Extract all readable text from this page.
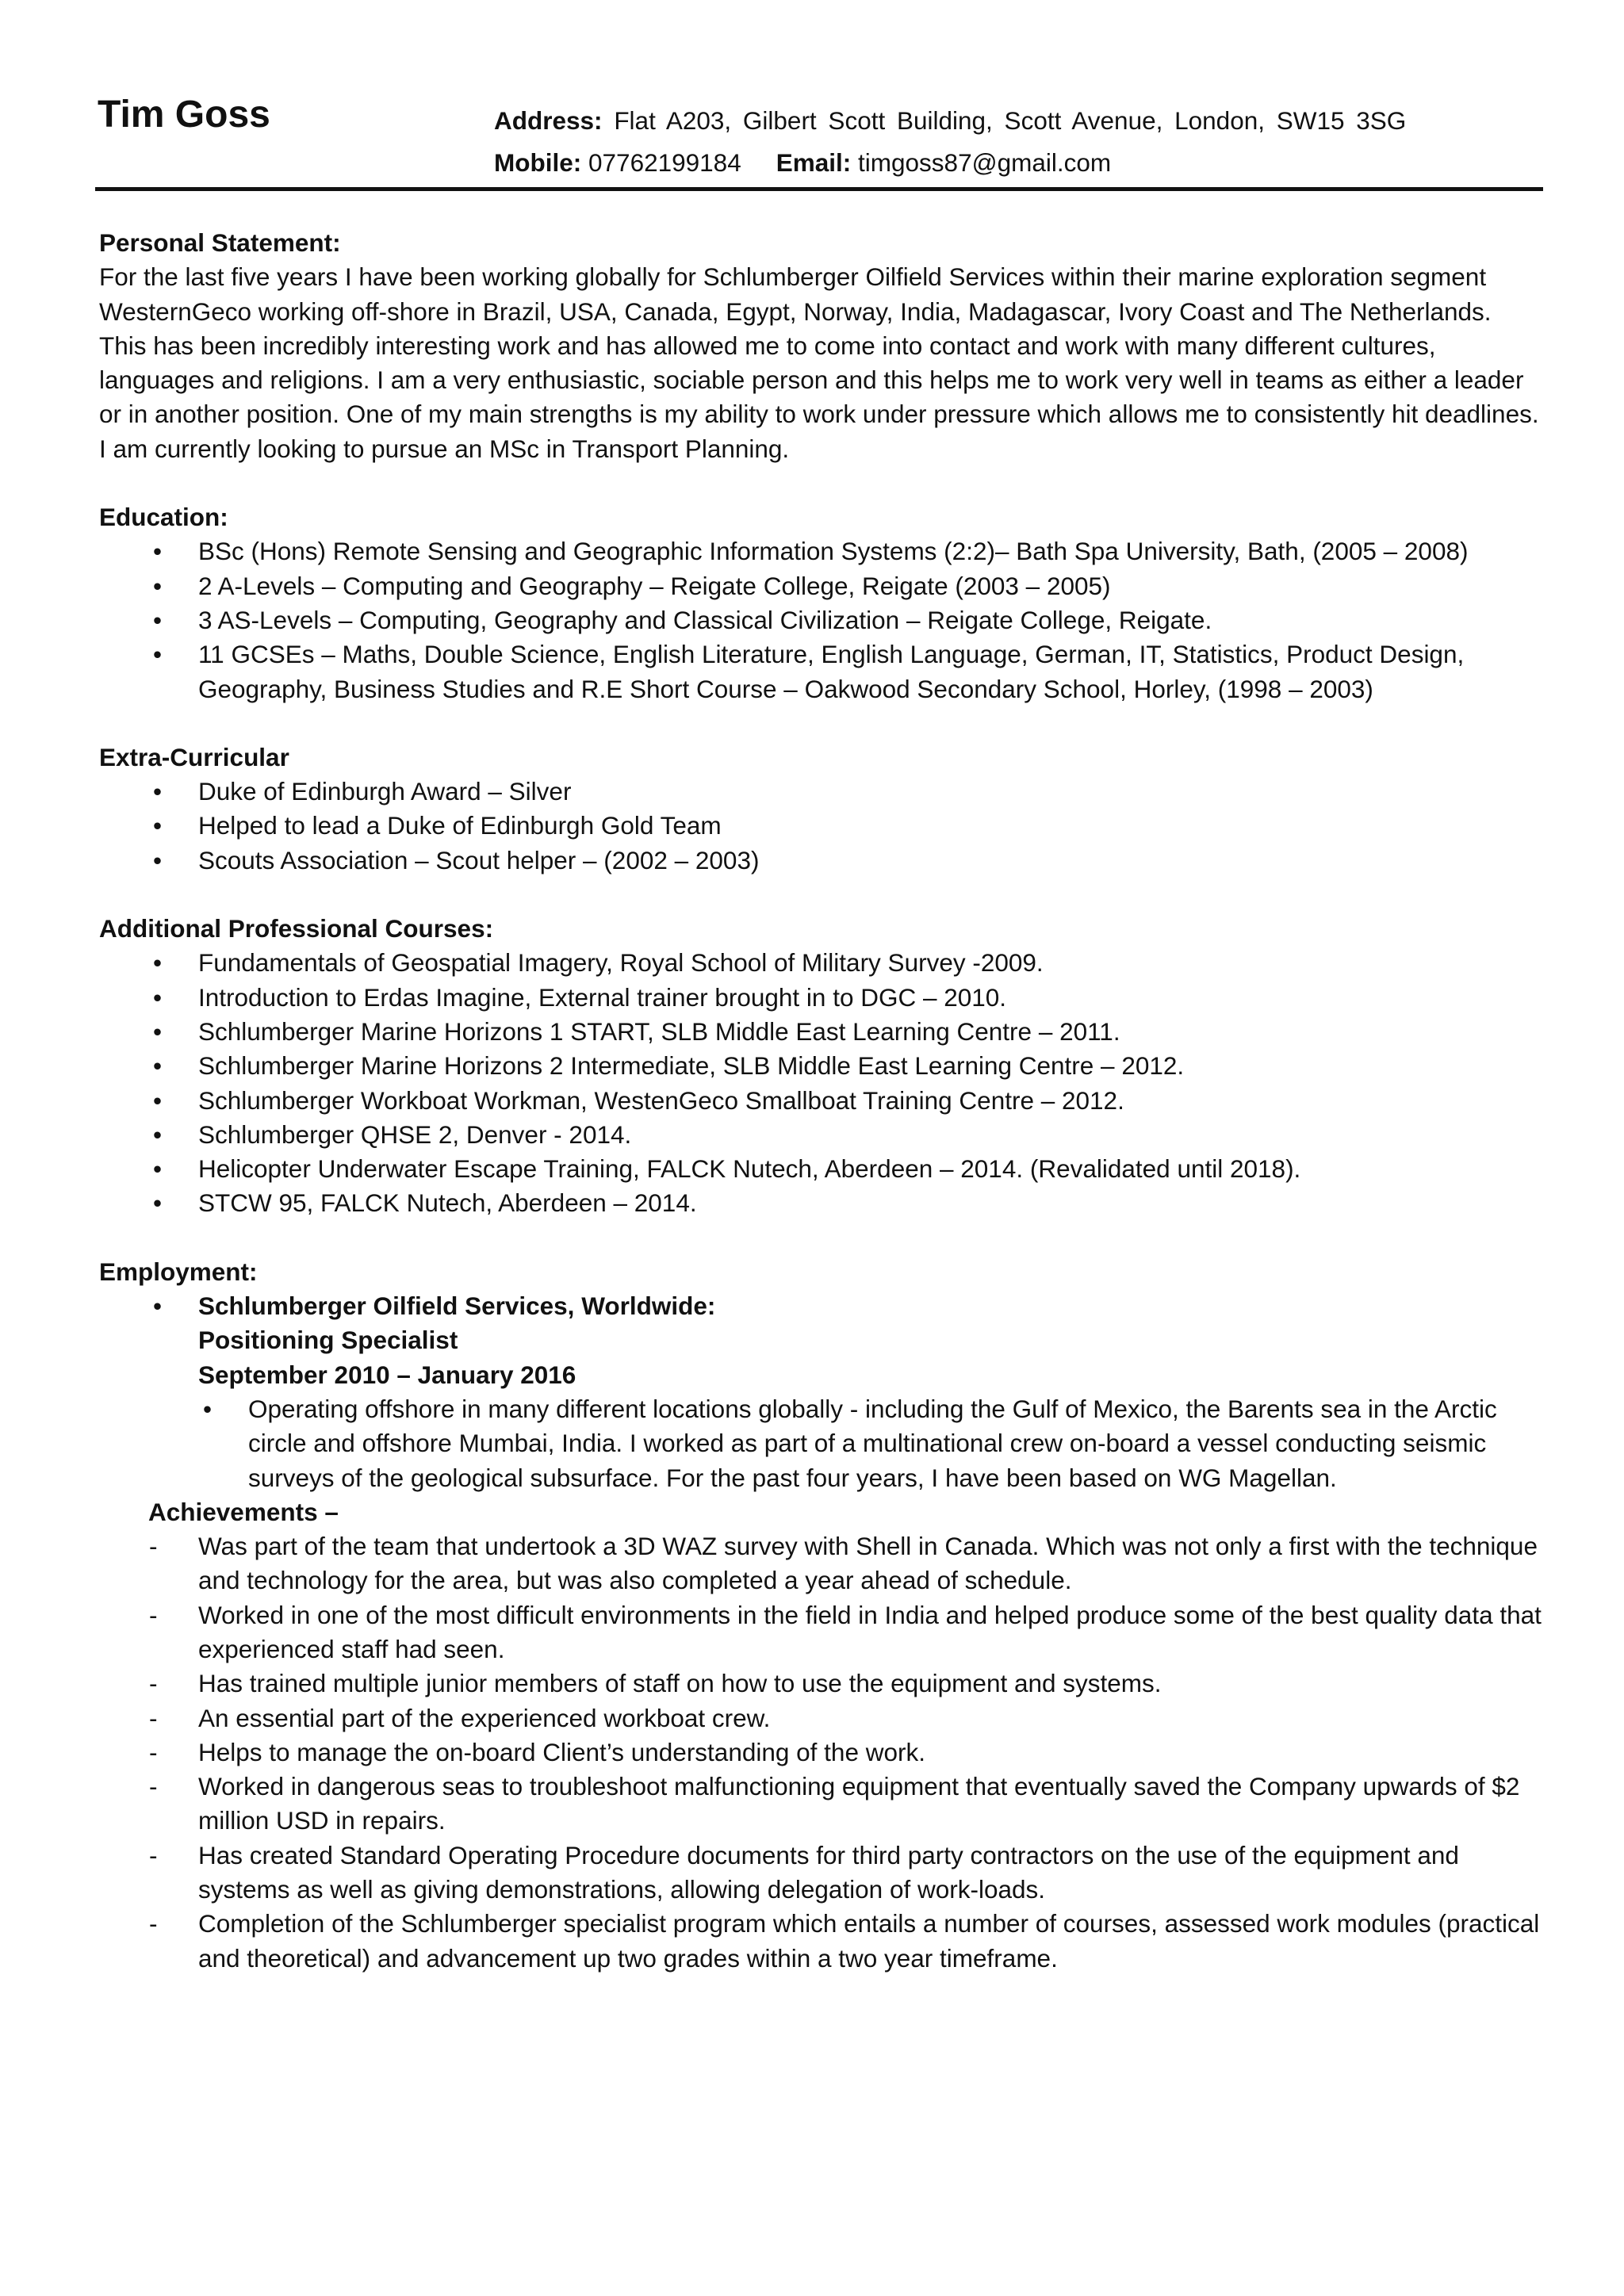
Tim Goss	Address: Flat A203, Gilbert Scott Building, Scott Avenue, London, SW15 3SG
Mobile: 07762199184 Email: timgoss87@gmail.com

Personal Statement:

For the last five years I have been working globally for Schlumberger Oilfield Services within their marine exploration segment WesternGeco working off-shore in Brazil, USA, Canada, Egypt, Norway, India, Madagascar, Ivory Coast and The Netherlands. This has been incredibly interesting work and has allowed me to come into contact and work with many different cultures, languages and religions. I am a very enthusiastic, sociable person and this helps me to work very well in teams as either a leader or in another position. One of my main strengths is my ability to work under pressure which allows me to consistently hit deadlines. I am currently looking to pursue an MSc in Transport Planning.

Education:

• BSc (Hons) Remote Sensing and Geographic Information Systems (2:2)– Bath Spa University, Bath, (2005 – 2008)
• 2 A-Levels – Computing and Geography – Reigate College, Reigate (2003 – 2005)
• 3 AS-Levels – Computing, Geography and Classical Civilization – Reigate College, Reigate.
• 11 GCSEs – Maths, Double Science, English Literature, English Language, German, IT, Statistics, Product Design, Geography, Business Studies and R.E Short Course – Oakwood Secondary School, Horley, (1998 – 2003)

Extra-Curricular

• Duke of Edinburgh Award – Silver
• Helped to lead a Duke of Edinburgh Gold Team
• Scouts Association – Scout helper – (2002 – 2003)

Additional Professional Courses:

• Fundamentals of Geospatial Imagery, Royal School of Military Survey -2009.
• Introduction to Erdas Imagine, External trainer brought in to DGC – 2010.
• Schlumberger Marine Horizons 1 START, SLB Middle East Learning Centre – 2011.
• Schlumberger Marine Horizons 2 Intermediate, SLB Middle East Learning Centre – 2012.
• Schlumberger Workboat Workman, WestenGeco Smallboat Training Centre – 2012.
• Schlumberger QHSE 2, Denver - 2014.
• Helicopter Underwater Escape Training, FALCK Nutech, Aberdeen – 2014. (Revalidated until 2018).
• STCW 95, FALCK Nutech, Aberdeen – 2014.

Employment:

• Schlumberger Oilfield Services, Worldwide:
Positioning Specialist
September 2010 – January 2016
• Operating offshore in many different locations globally - including the Gulf of Mexico, the Barents sea in the Arctic circle and offshore Mumbai, India. I worked as part of a multinational crew on-board a vessel conducting seismic surveys of the geological subsurface. For the past four years, I have been based on WG Magellan.

Achievements –

- Was part of the team that undertook a 3D WAZ survey with Shell in Canada. Which was not only a first with the technique and technology for the area, but was also completed a year ahead of schedule.
- Worked in one of the most difficult environments in the field in India and helped produce some of the best quality data that experienced staff had seen.
- Has trained multiple junior members of staff on how to use the equipment and systems.
- An essential part of the experienced workboat crew.
- Helps to manage the on-board Client’s understanding of the work.
- Worked in dangerous seas to troubleshoot malfunctioning equipment that eventually saved the Company upwards of $2 million USD in repairs.
- Has created Standard Operating Procedure documents for third party contractors on the use of the equipment and systems as well as giving demonstrations, allowing delegation of work-loads.
- Completion of the Schlumberger specialist program which entails a number of courses, assessed work modules (practical and theoretical) and advancement up two grades within a two year timeframe.
